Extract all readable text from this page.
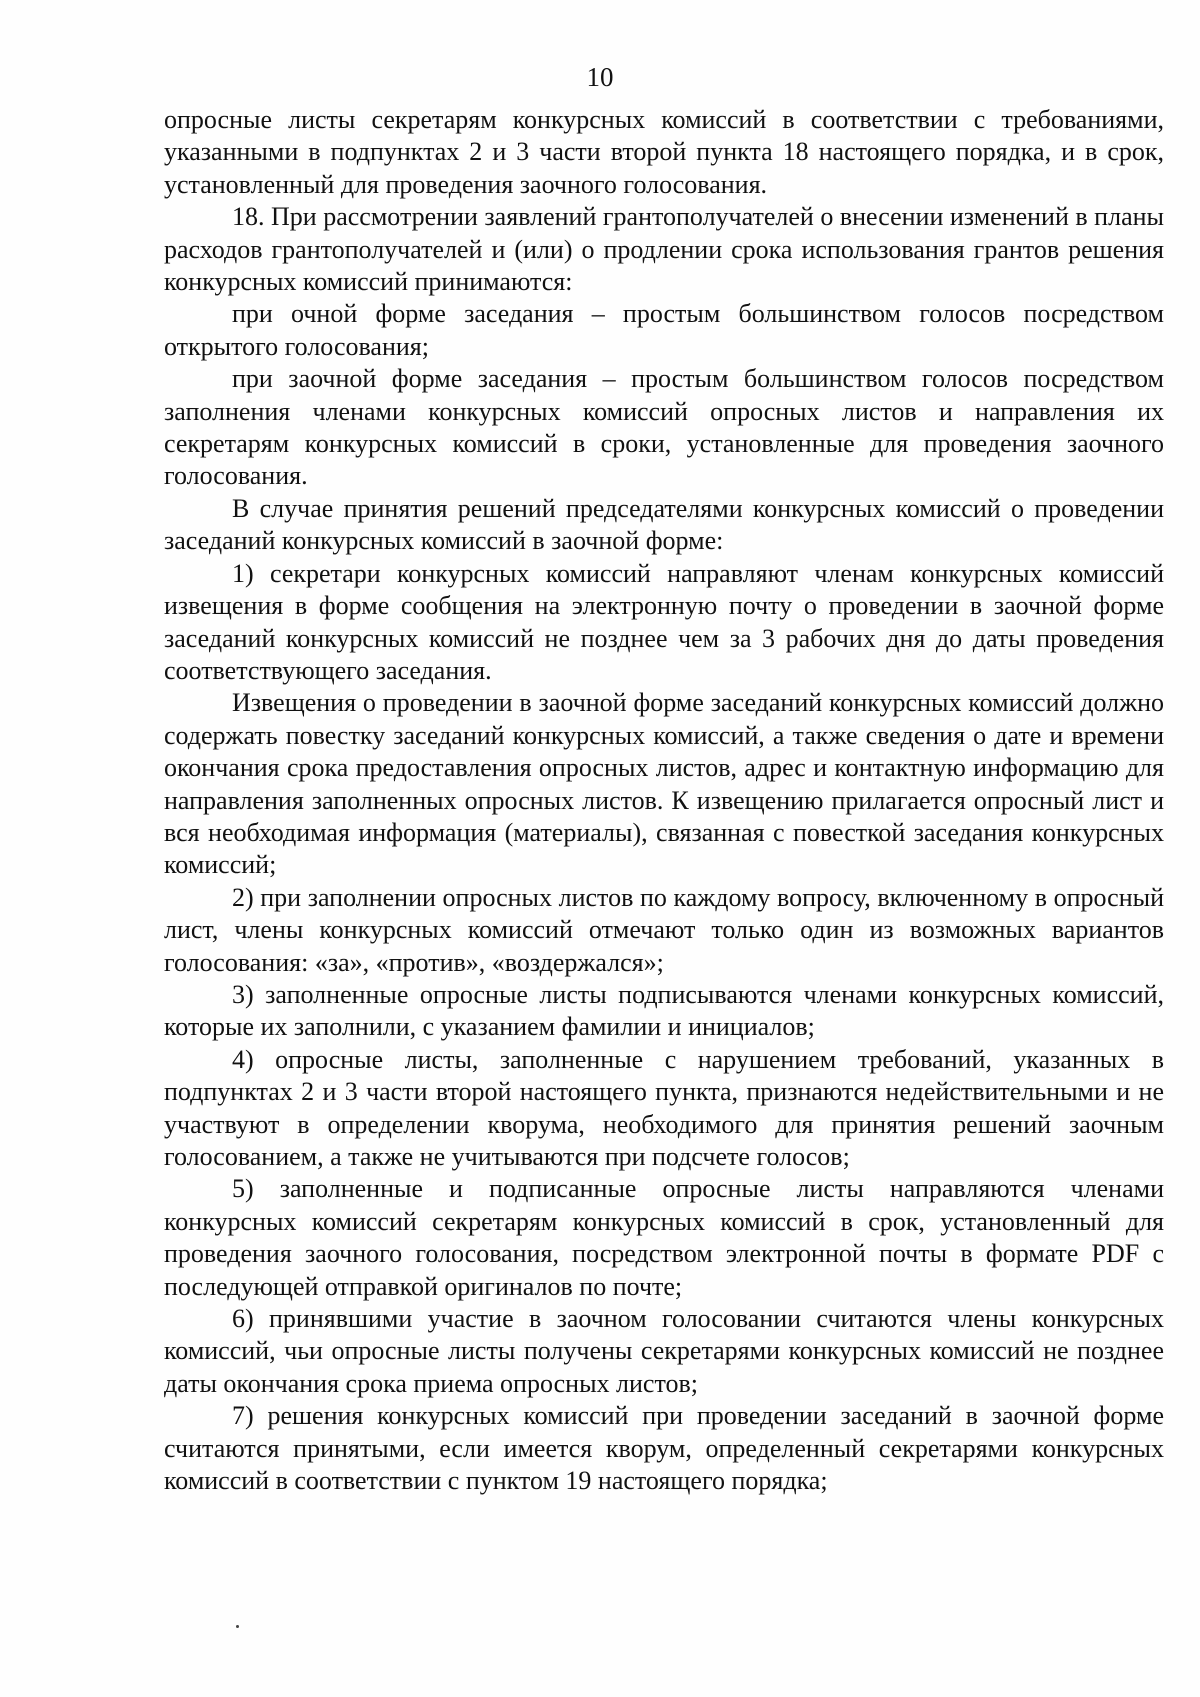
10

опросные листы секретарям конкурсных комиссий в соответствии с требованиями, указанными в подпунктах 2 и 3 части второй пункта 18 настоящего порядка, и в срок, установленный для проведения заочного голосования.

18. При рассмотрении заявлений грантополучателей о внесении изменений в планы расходов грантополучателей и (или) о продлении срока использования грантов решения конкурсных комиссий принимаются:

при очной форме заседания – простым большинством голосов посредством открытого голосования;

при заочной форме заседания – простым большинством голосов посредством заполнения членами конкурсных комиссий опросных листов и направления их секретарям конкурсных комиссий в сроки, установленные для проведения заочного голосования.

В случае принятия решений председателями конкурсных комиссий о проведении заседаний конкурсных комиссий в заочной форме:

1) секретари конкурсных комиссий направляют членам конкурсных комиссий извещения в форме сообщения на электронную почту о проведении в заочной форме заседаний конкурсных комиссий не позднее чем за 3 рабочих дня до даты проведения соответствующего заседания.

Извещения о проведении в заочной форме заседаний конкурсных комиссий должно содержать повестку заседаний конкурсных комиссий, а также сведения о дате и времени окончания срока предоставления опросных листов, адрес и контактную информацию для направления заполненных опросных листов. К извещению прилагается опросный лист и вся необходимая информация (материалы), связанная с повесткой заседания конкурсных комиссий;

2) при заполнении опросных листов по каждому вопросу, включенному в опросный лист, члены конкурсных комиссий отмечают только один из возможных вариантов голосования: «за», «против», «воздержался»;

3) заполненные опросные листы подписываются членами конкурсных комиссий, которые их заполнили, с указанием фамилии и инициалов;

4) опросные листы, заполненные с нарушением требований, указанных в подпунктах 2 и 3 части второй настоящего пункта, признаются недействительными и не участвуют в определении кворума, необходимого для принятия решений заочным голосованием, а также не учитываются при подсчете голосов;

5) заполненные и подписанные опросные листы направляются членами конкурсных комиссий секретарям конкурсных комиссий в срок, установленный для проведения заочного голосования, посредством электронной почты в формате PDF с последующей отправкой оригиналов по почте;

6) принявшими участие в заочном голосовании считаются члены конкурсных комиссий, чьи опросные листы получены секретарями конкурсных комиссий не позднее даты окончания срока приема опросных листов;

7) решения конкурсных комиссий при проведении заседаний в заочной форме считаются принятыми, если имеется кворум, определенный секретарями конкурсных комиссий в соответствии с пунктом 19 настоящего порядка;
